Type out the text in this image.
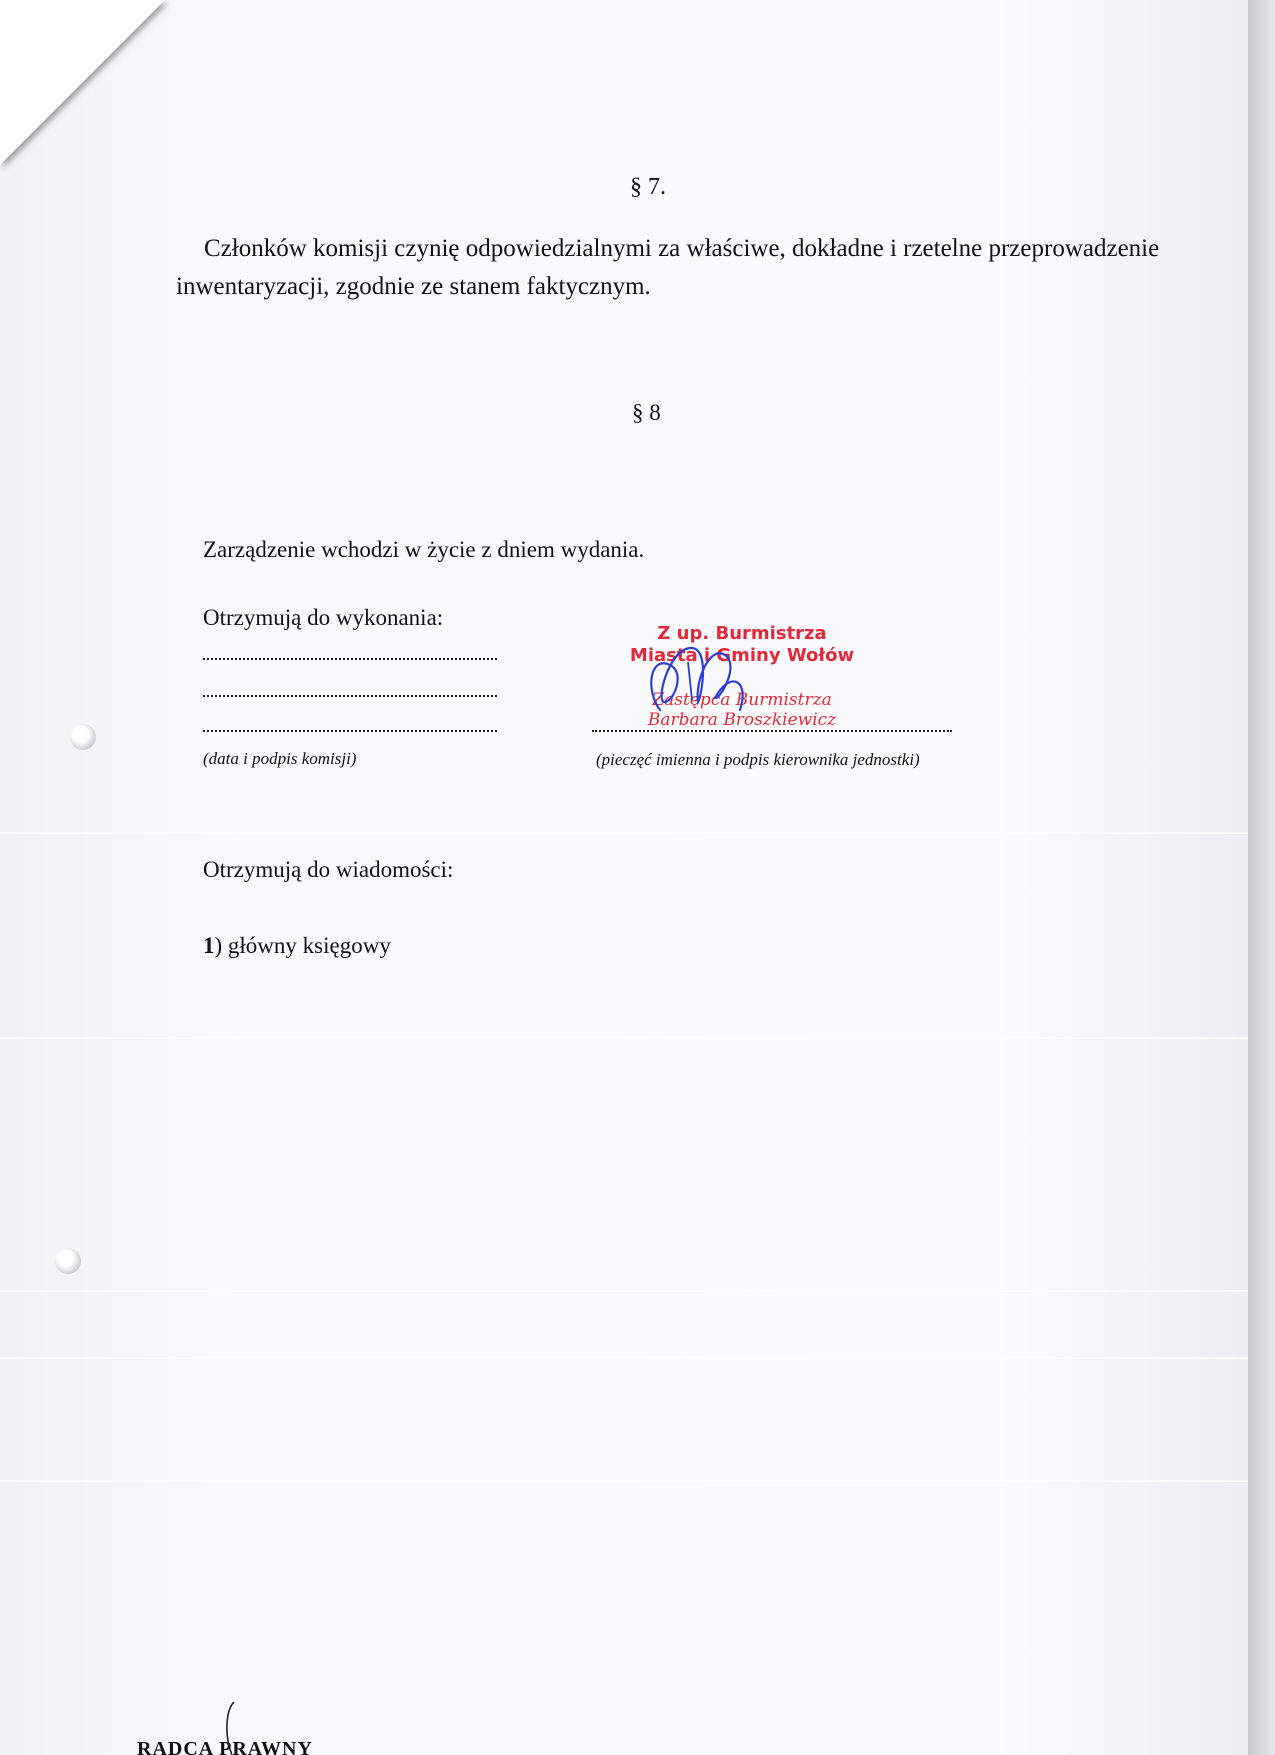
§ 7.
Członków komisji czynię odpowiedzialnymi za właściwe, dokładne i rzetelne przeprowadzenie
inwentaryzacji, zgodnie ze stanem faktycznym.
§ 8
Zarządzenie wchodzi w życie z dniem wydania.
Otrzymują do wykonania:
(data i podpis komisji)	(pieczęć imienna i podpis kierownika jednostki)
Z up. Burmistrza
Miasta i Gminy Wołów
Zastępca Burmistrza
Barbara Broszkiewicz
Otrzymują do wiadomości:
1) główny księgowy
RADCA PRAWNY
